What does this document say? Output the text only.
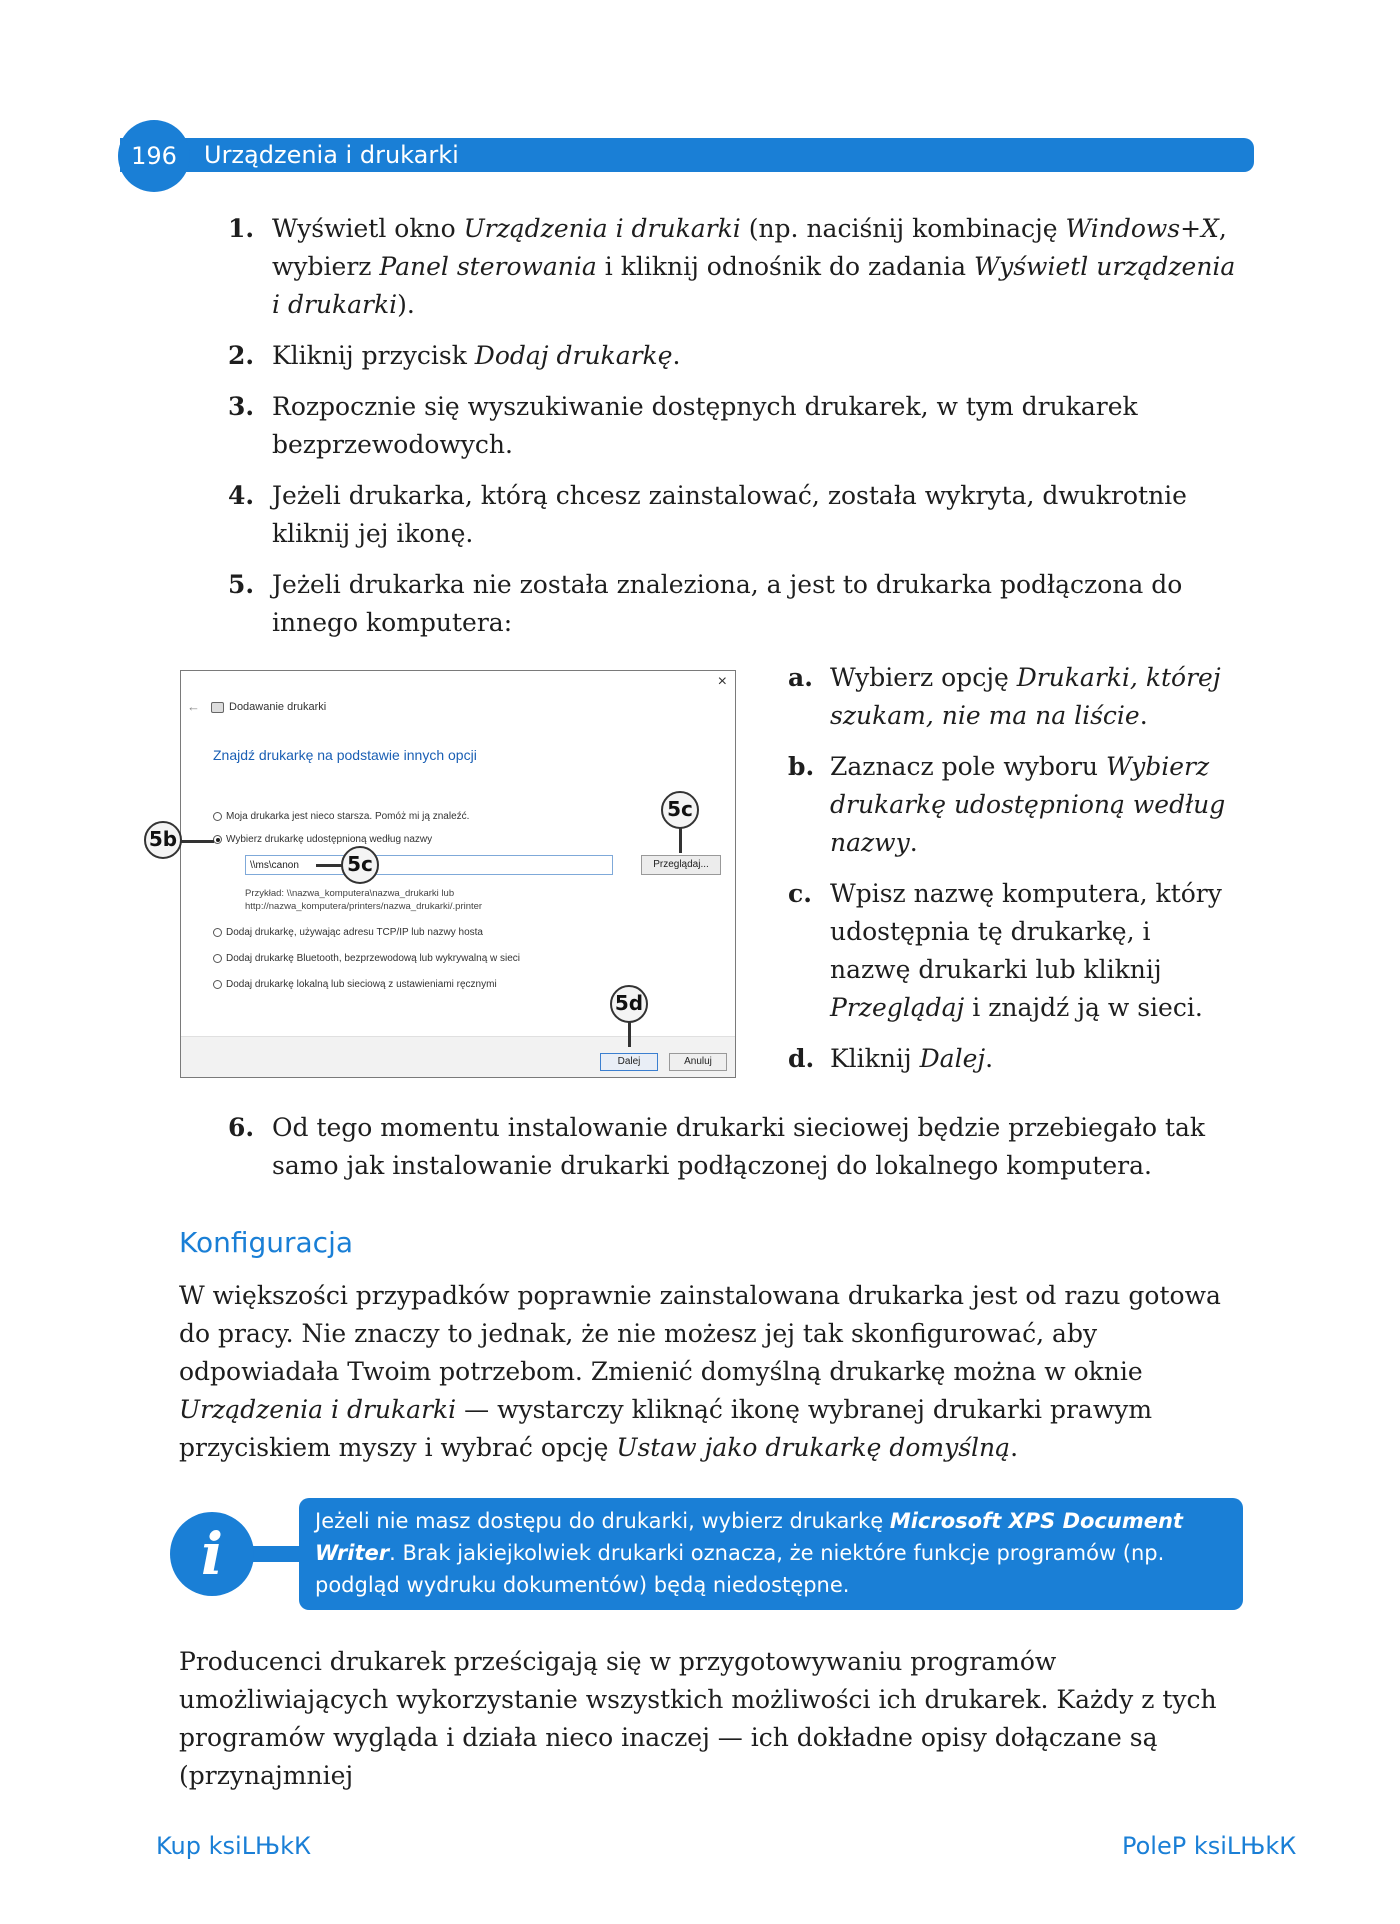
196	Urządzenia i drukarki
1. Wyświetl okno Urządzenia i drukarki (np. naciśnij kombinację Windows+X, wybierz Panel sterowania i kliknij odnośnik do zadania Wyświetl urządzenia i drukarki).
2. Kliknij przycisk Dodaj drukarkę.
3. Rozpocznie się wyszukiwanie dostępnych drukarek, w tym drukarek bezprzewodowych.
4. Jeżeli drukarka, którą chcesz zainstalować, została wykryta, dwukrotnie kliknij jej ikonę.
5. Jeżeli drukarka nie została znaleziona, a jest to drukarka podłączona do innego komputera:
×
←	Dodawanie drukarki
Znajdź drukarkę na podstawie innych opcji
Moja drukarka jest nieco starsza. Pomóż mi ją znaleźć.
Wybierz drukarkę udostępnioną według nazwy
\\ms\canon	Przeglądaj...
Przykład: \\nazwa_komputera\nazwa_drukarki lub
http://nazwa_komputera/printers/nazwa_drukarki/.printer
Dodaj drukarkę, używając adresu TCP/IP lub nazwy hosta
Dodaj drukarkę Bluetooth, bezprzewodową lub wykrywalną w sieci
Dodaj drukarkę lokalną lub sieciową z ustawieniami ręcznymi
Dalej	Anuluj
5b
5c
5c
5d
a. Wybierz opcję Drukarki, której szukam, nie ma na liście.
b. Zaznacz pole wyboru Wybierz drukarkę udostępnioną według nazwy.
c. Wpisz nazwę komputera, który udostępnia tę drukarkę, i nazwę drukarki lub kliknij Przeglądaj i znajdź ją w sieci.
d. Kliknij Dalej.
6. Od tego momentu instalowanie drukarki sieciowej będzie przebiegało tak samo jak instalowanie drukarki podłączonej do lokalnego komputera.
Konfiguracja

W większości przypadków poprawnie zainstalowana drukarka jest od razu gotowa do pracy. Nie znaczy to jednak, że nie możesz jej tak skonfigurować, aby odpowiadała Twoim potrzebom. Zmienić domyślną drukarkę można w oknie Urządzenia i drukarki — wystarczy kliknąć ikonę wybranej drukarki prawym przyciskiem myszy i wybrać opcję Ustaw jako drukarkę domyślną.

i	Jeżeli nie masz dostępu do drukarki, wybierz drukarkę Microsoft XPS Document Writer. Brak jakiejkolwiek drukarki oznacza, że niektóre funkcje programów (np. podgląd wydruku dokumentów) będą niedostępne.

Producenci drukarek prześcigają się w przygotowywaniu programów umożliwiających wykorzystanie wszystkich możliwości ich drukarek. Każdy z tych programów wygląda i działa nieco inaczej — ich dokładne opisy dołączane są (przynajmniej

Kup ksiLЊkК	PoleР ksiLЊkК
